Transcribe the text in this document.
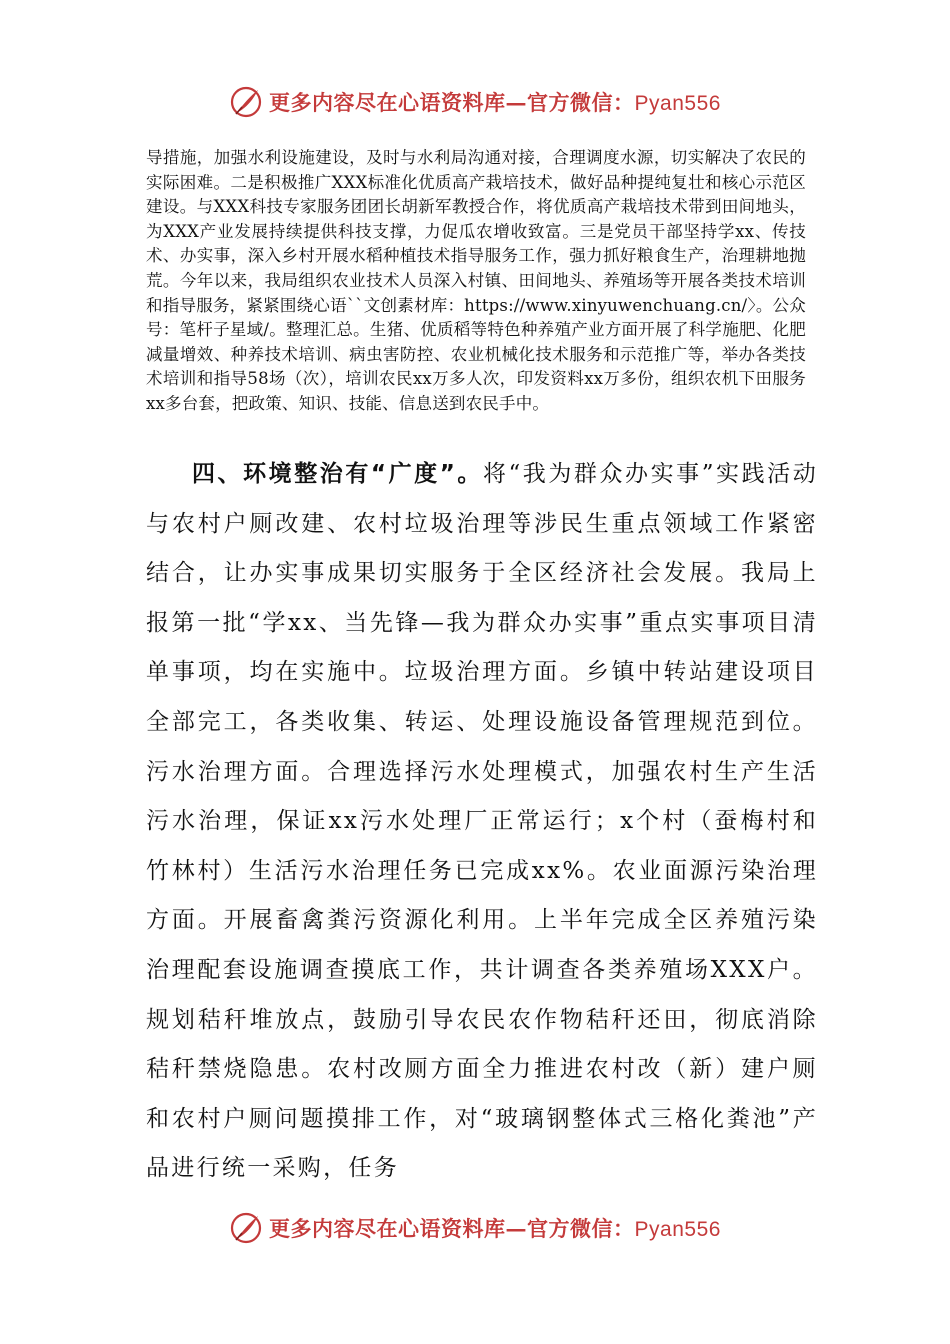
更多内容尽在心语资料库—官方微信：Pyan556

导措施，加强水利设施建设，及时与水利局沟通对接，合理调度水源，切实解决了农民的实际困难。二是积极推广XXX标准化优质高产栽培技术，做好品种提纯复壮和核心示范区建设。与XXX科技专家服务团团长胡新军教授合作，将优质高产栽培技术带到田间地头，为XXX产业发展持续提供科技支撑，力促瓜农增收致富。三是党员干部坚持学xx、传技术、办实事，深入乡村开展水稻种植技术指导服务工作，强力抓好粮食生产，治理耕地抛荒。今年以来，我局组织农业技术人员深入村镇、田间地头、养殖场等开展各类技术培训和指导服务，紧紧围绕心语``文创素材库：https://www.xinyuwenchuang.cn/〉。公众号：笔杆子星域/。整理汇总。生猪、优质稻等特色种养殖产业方面开展了科学施肥、化肥减量增效、种养技术培训、病虫害防控、农业机械化技术服务和示范推广等，举办各类技术培训和指导58场（次），培训农民xx万多人次，印发资料xx万多份，组织农机下田服务xx多台套，把政策、知识、技能、信息送到农民手中。

四、环境整治有“广度”。将“我为群众办实事”实践活动与农村户厕改建、农村垃圾治理等涉民生重点领域工作紧密结合，让办实事成果切实服务于全区经济社会发展。我局上报第一批“学xx、当先锋—我为群众办实事”重点实事项目清单事项，均在实施中。垃圾治理方面。乡镇中转站建设项目全部完工，各类收集、转运、处理设施设备管理规范到位。污水治理方面。合理选择污水处理模式，加强农村生产生活污水治理，保证xx污水处理厂正常运行；x个村（蚕梅村和竹林村）生活污水治理任务已完成xx%。农业面源污染治理方面。开展畜禽粪污资源化利用。上半年完成全区养殖污染治理配套设施调查摸底工作，共计调查各类养殖场XXX户。规划秸秆堆放点，鼓励引导农民农作物秸秆还田，彻底消除秸秆禁烧隐患。农村改厕方面全力推进农村改（新）建户厕和农村户厕问题摸排工作，对“玻璃钢整体式三格化粪池”产品进行统一采购，任务

更多内容尽在心语资料库—官方微信：Pyan556
